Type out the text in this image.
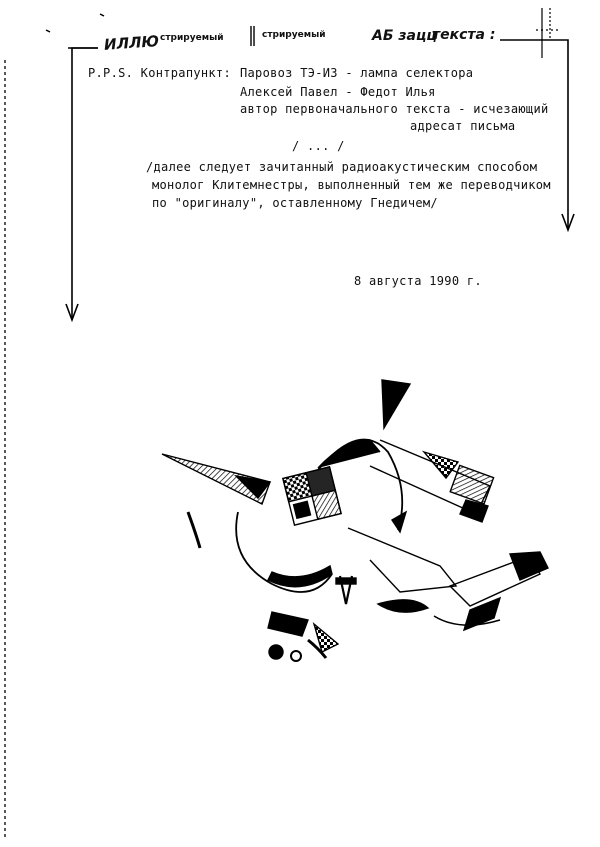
ИЛЛЮ стрируемый	стрируемый	АБ зацц
текста :
P.P.S. Контрапункт: Паровоз ТЭ-ИЗ - лампа селектора
Алексей Павел - Федот Илья
автор первоначального текста - исчезающий
адресат письма
/ ... /
/далее следует зачитанный радиоакустическим способом
монолог Клитемнестры, выполненный тем же переводчиком
по "оригиналу", оставленному Гнедичем/
8 августа 1990 г.
